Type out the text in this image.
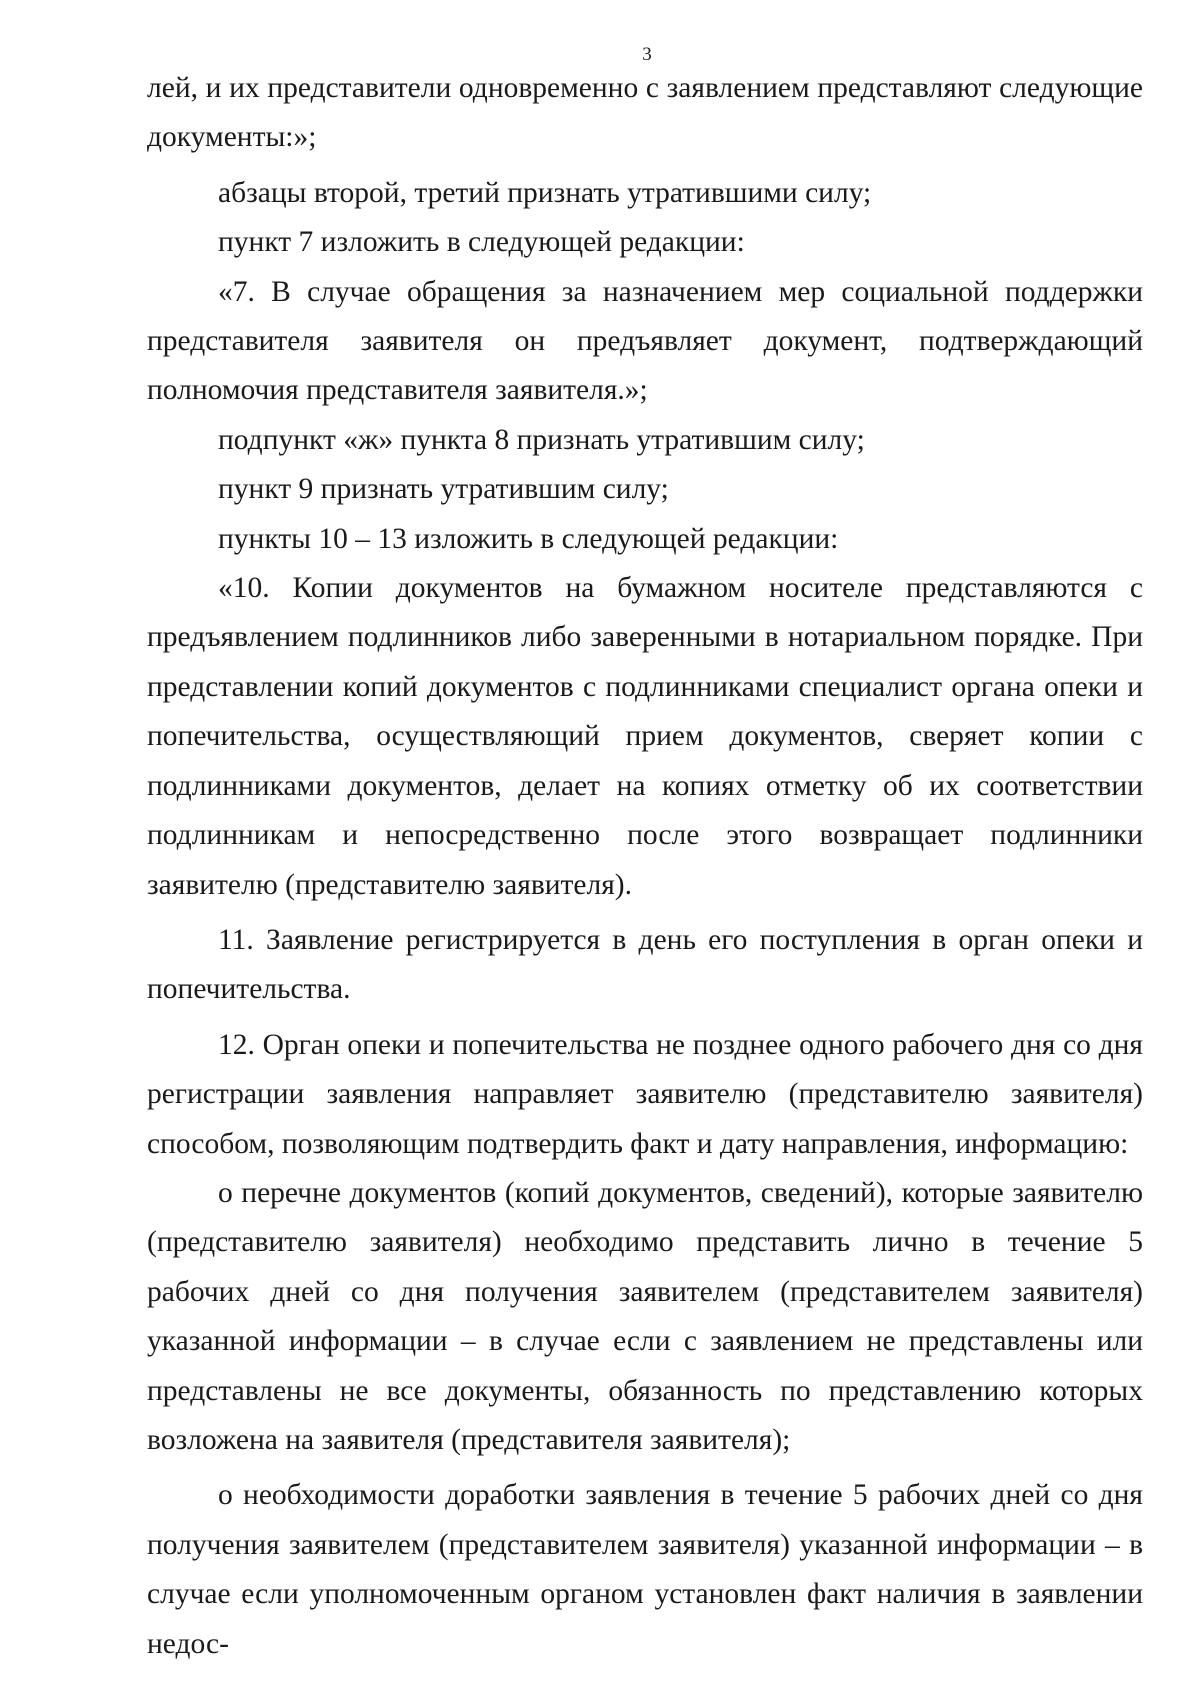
3

лей, и их представители одновременно с заявлением представляют следующие документы:»;

абзацы второй, третий признать утратившими силу;

пункт 7 изложить в следующей редакции:

«7. В случае обращения за назначением мер социальной поддержки представителя заявителя он предъявляет документ, подтверждающий полномочия представителя заявителя.»;

подпункт «ж» пункта 8 признать утратившим силу;

пункт 9 признать утратившим силу;

пункты 10 – 13 изложить в следующей редакции:

«10. Копии документов на бумажном носителе представляются с предъявлением подлинников либо заверенными в нотариальном порядке. При представлении копий документов с подлинниками специалист органа опеки и попечительства, осуществляющий прием документов, сверяет копии с подлинниками документов, делает на копиях отметку об их соответствии подлинникам и непосредственно после этого возвращает подлинники заявителю (представителю заявителя).

11. Заявление регистрируется в день его поступления в орган опеки и попечительства.

12. Орган опеки и попечительства не позднее одного рабочего дня со дня регистрации заявления направляет заявителю (представителю заявителя) способом, позволяющим подтвердить факт и дату направления, информацию:

о перечне документов (копий документов, сведений), которые заявителю (представителю заявителя) необходимо представить лично в течение 5 рабочих дней со дня получения заявителем (представителем заявителя) указанной информации – в случае если с заявлением не представлены или представлены не все документы, обязанность по представлению которых возложена на заявителя (представителя заявителя);

о необходимости доработки заявления в течение 5 рабочих дней со дня получения заявителем (представителем заявителя) указанной информации – в случае если уполномоченным органом установлен факт наличия в заявлении недос-
